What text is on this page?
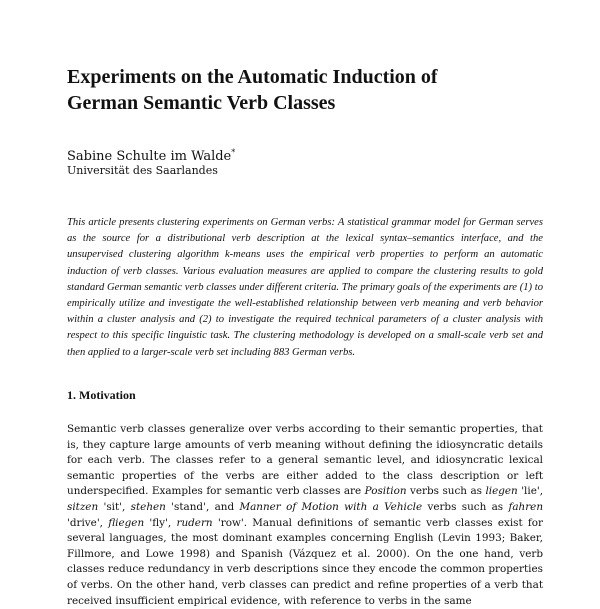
Experiments on the Automatic Induction of
German Semantic Verb Classes
Sabine Schulte im Walde*
Universität des Saarlandes
This article presents clustering experiments on German verbs: A statistical grammar model for German serves as the source for a distributional verb description at the lexical syntax–semantics interface, and the unsupervised clustering algorithm k-means uses the empirical verb properties to perform an automatic induction of verb classes. Various evaluation measures are applied to compare the clustering results to gold standard German semantic verb classes under different criteria. The primary goals of the experiments are (1) to empirically utilize and investigate the well-established relationship between verb meaning and verb behavior within a cluster analysis and (2) to investigate the required technical parameters of a cluster analysis with respect to this specific linguistic task. The clustering methodology is developed on a small-scale verb set and then applied to a larger-scale verb set including 883 German verbs.
1. Motivation

Semantic verb classes generalize over verbs according to their semantic properties, that is, they capture large amounts of verb meaning without defining the idiosyncratic details for each verb. The classes refer to a general semantic level, and idiosyncratic lexical semantic properties of the verbs are either added to the class description or left underspecified. Examples for semantic verb classes are Position verbs such as liegen 'lie', sitzen 'sit', stehen 'stand', and Manner of Motion with a Vehicle verbs such as fahren 'drive', fliegen 'fly', rudern 'row'. Manual definitions of semantic verb classes exist for several languages, the most dominant examples concerning English (Levin 1993; Baker, Fillmore, and Lowe 1998) and Spanish (Vázquez et al. 2000). On the one hand, verb classes reduce redundancy in verb descriptions since they encode the common properties of verbs. On the other hand, verb classes can predict and refine properties of a verb that received insufficient empirical evidence, with reference to verbs in the same
